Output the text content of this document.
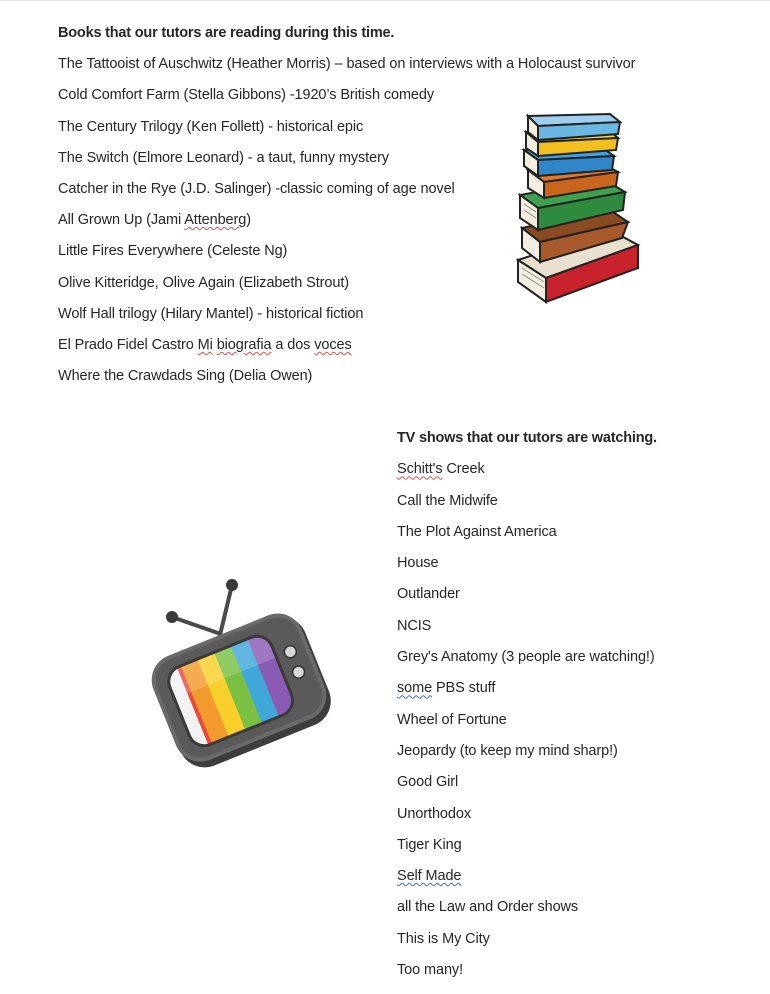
Books that our tutors are reading during this time.
The Tattooist of Auschwitz (Heather Morris) – based on interviews with a Holocaust survivor
Cold Comfort Farm (Stella Gibbons) -1920’s British comedy
The Century Trilogy (Ken Follett) - historical epic
The Switch (Elmore Leonard) - a taut, funny mystery
Catcher in the Rye (J.D. Salinger) -classic coming of age novel
All Grown Up (Jami Attenberg)
Little Fires Everywhere (Celeste Ng)
Olive Kitteridge, Olive Again (Elizabeth Strout)
Wolf Hall trilogy (Hilary Mantel) - historical fiction
El Prado Fidel Castro Mi biografia a dos voces
Where the Crawdads Sing (Delia Owen)
TV shows that our tutors are watching.
Schitt's Creek
Call the Midwife
The Plot Against America
House
Outlander
NCIS
Grey's Anatomy (3 people are watching!)
some PBS stuff
Wheel of Fortune
Jeopardy (to keep my mind sharp!)
Good Girl
Unorthodox
Tiger King
Self Made
all the Law and Order shows
This is My City
Too many!
